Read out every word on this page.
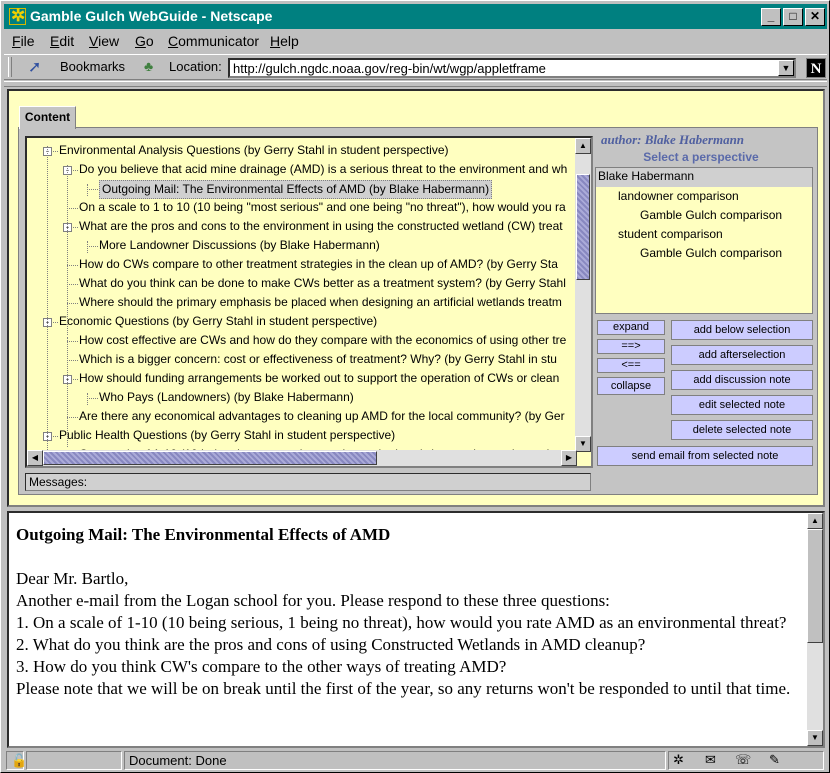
✲
Gamble Gulch WebGuide - Netscape	_	□	✕
File Edit View Go Communicator Help
➚ Bookmarks ♣ Location: http://gulch.ngdc.noaa.gov/reg-bin/wt/wgp/appletframe	▼	N
Content
- Environmental Analysis Questions (by Gerry Stahl in student perspective)
- Do you believe that acid mine drainage (AMD) is a serious threat to the environment and wh
Outgoing Mail: The Environmental Effects of AMD (by Blake Habermann)
On a scale to 1 to 10 (10 being "most serious" and one being "no threat"), how would you ra
- What are the pros and cons to the environment in using the constructed wetland (CW) treat
More Landowner Discussions (by Blake Habermann)
How do CWs compare to other treatment strategies in the clean up of AMD? (by Gerry Sta
What do you think can be done to make CWs better as a treatment system? (by Gerry Stahl
Where should the primary emphasis be placed when designing an artificial wetlands treatm
- Economic Questions (by Gerry Stahl in student perspective)
How cost effective are CWs and how do they compare with the economics of using other tre
Which is a bigger concern: cost or effectiveness of treatment? Why? (by Gerry Stahl in stu
- How should funding arrangements be worked out to support the operation of CWs or clean
Who Pays (Landowners) (by Blake Habermann)
Are there any economical advantages to cleaning up AMD for the local community? (by Ger
- Public Health Questions (by Gerry Stahl in student perspective)
▲
▼
◀	▶
Messages:
author: Blake Habermann
Select a perspective
Blake Habermann
landowner comparison
Gamble Gulch comparison
student comparison
Gamble Gulch comparison
expand
==>
<==
collapse
add below selection
add afterselection
add discussion note
edit selected note
delete selected note
send email from selected note
Outgoing Mail: The Environmental Effects of AMD
Dear Mr. Bartlo,
Another e-mail from the Logan school for you. Please respond to these three questions:
1. On a scale of 1-10 (10 being serious, 1 being no threat), how would you rate AMD as an environmental threat?
2. What do you think are the pros and cons of using Constructed Wetlands in AMD cleanup?
3. How do you think CW's compare to the other ways of treating AMD?
Please note that we will be on break until the first of the year, so any returns won't be responded to until that time.
▲
▼
🔓	Document: Done	✲ ✉ ☏ ✎
